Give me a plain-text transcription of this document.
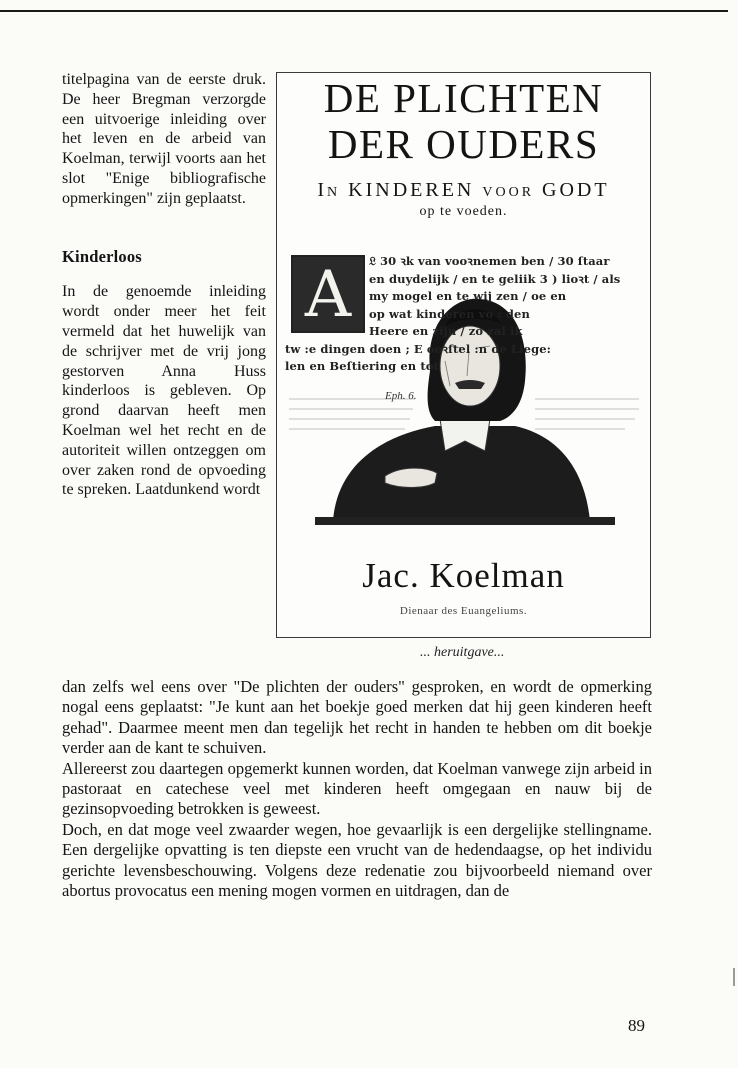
titelpagina van de eerste druk. De heer Bregman verzorgde een uitvoerige inleiding over het leven en de arbeid van Koelman, terwijl voorts aan het slot "Enige bibliografische opmerkingen" zijn geplaatst.

Kinderloos

In de genoemde inleiding wordt onder meer het feit vermeld dat het huwelijk van de schrijver met de vrij jong gestorven Anna Huss kinderloos is gebleven. Op grond daarvan heeft men Koelman wel het recht en de autoriteit willen ontzeggen om over zaken rond de opvoeding te spreken. Laatdunkend wordt

DE PLICHTEN
DER OUDERS
In KINDEREN voor GODT
op te voeden.
Eph. 6.
A	𝔏 30 ꝛk van vooꝛnemen ben / 30 ſtaar
en duydelijk / en te geliik 3 ) lioꝛt / als
my mogel en te wij zen / oe en
op wat kinderen vo : den
Heere en zijn / zo zal ik
tw :e dingen doen ; E ooꝛſtel :n de Liege:
len en Beſtiering en tot
Jac. Koelman
Dienaar des Euangeliums.
... heruitgave...

dan zelfs wel eens over "De plichten der ouders" gesproken, en wordt de opmerking nogal eens geplaatst: "Je kunt aan het boekje goed merken dat hij geen kinderen heeft gehad". Daarmee meent men dan tegelijk het recht in handen te hebben om dit boekje verder aan de kant te schuiven.

Allereerst zou daartegen opgemerkt kunnen worden, dat Koelman vanwege zijn arbeid in pastoraat en catechese veel met kinderen heeft omgegaan en nauw bij de gezinsopvoeding betrokken is geweest.

Doch, en dat moge veel zwaarder wegen, hoe gevaarlijk is een dergelijke stellingname. Een dergelijke opvatting is ten diepste een vrucht van de hedendaagse, op het individu gerichte levensbeschouwing. Volgens deze redenatie zou bijvoorbeeld niemand over abortus provocatus een mening mogen vormen en uitdragen, dan de

89
